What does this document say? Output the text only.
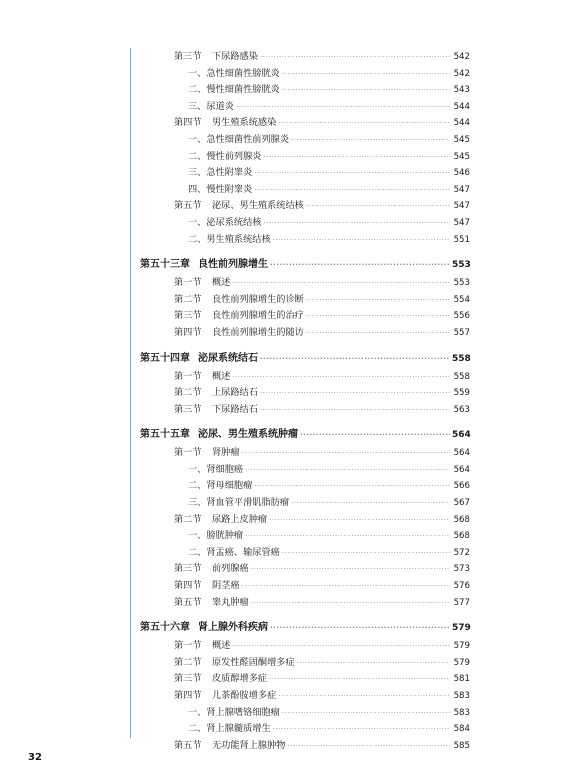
第三节 下尿路感染 ·····	542
一、急性细菌性膀胱炎 ·····	542
二、慢性细菌性膀胱炎 ·····	543
三、尿道炎 ·····	544
第四节 男生殖系统感染 ·····	544
一、急性细菌性前列腺炎 ·····	545
二、慢性前列腺炎 ·····	545
三、急性附睾炎 ·····	546
四、慢性附睾炎 ·····	547
第五节 泌尿、男生殖系统结核 ·····	547
一、泌尿系统结核 ·····	547
二、男生殖系统结核 ·····	551
第五十三章 良性前列腺增生 ·····	553
第一节 概述 ·····	553
第二节 良性前列腺增生的诊断 ·····	554
第三节 良性前列腺增生的治疗 ·····	556
第四节 良性前列腺增生的随访 ·····	557
第五十四章 泌尿系统结石 ·····	558
第一节 概述 ·····	558
第二节 上尿路结石 ·····	559
第三节 下尿路结石 ·····	563
第五十五章 泌尿、男生殖系统肿瘤 ·····	564
第一节 肾肿瘤 ·····	564
一、肾细胞癌 ·····	564
二、肾母细胞瘤 ·····	566
三、肾血管平滑肌脂肪瘤 ·····	567
第二节 尿路上皮肿瘤 ·····	568
一、膀胱肿瘤 ·····	568
二、肾盂癌、输尿管癌 ·····	572
第三节 前列腺癌 ·····	573
第四节 阴茎癌 ·····	576
第五节 睾丸肿瘤 ·····	577
第五十六章 肾上腺外科疾病 ·····	579
第一节 概述 ·····	579
第二节 原发性醛固酮增多症 ·····	579
第三节 皮质醇增多症 ·····	581
第四节 儿茶酚胺增多症 ·····	583
一、肾上腺嗜铬细胞瘤 ·····	583
二、肾上腺髓质增生 ·····	584
第五节 无功能肾上腺肿物 ·····	585
32
